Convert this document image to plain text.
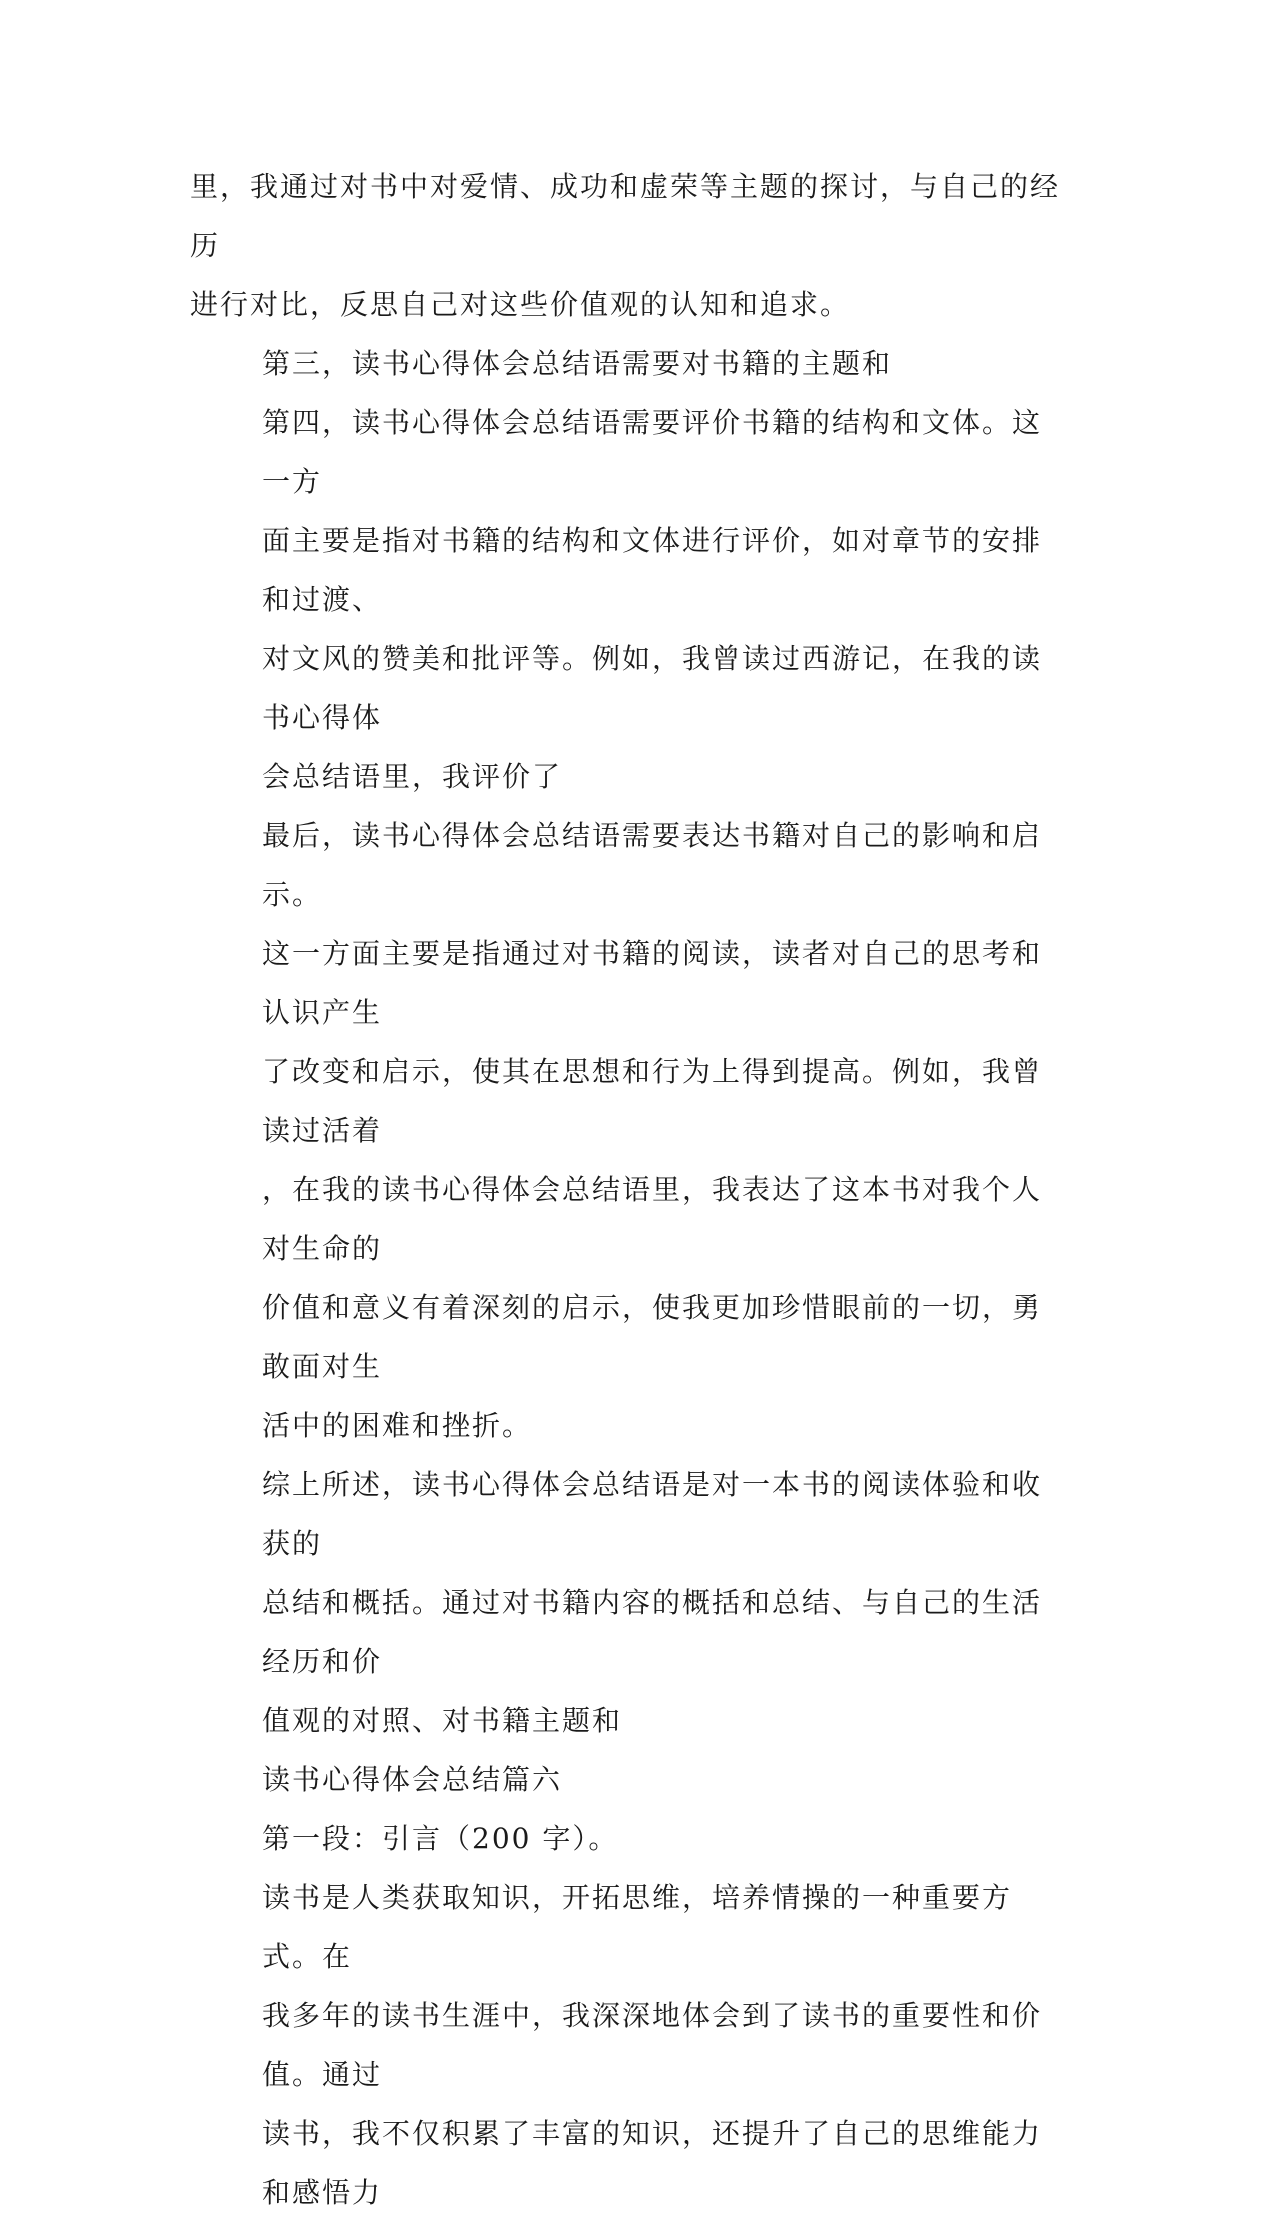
里，我通过对书中对爱情、成功和虚荣等主题的探讨，与自己的经历
进行对比，反思自己对这些价值观的认知和追求。

第三，读书心得体会总结语需要对书籍的主题和

第四，读书心得体会总结语需要评价书籍的结构和文体。这一方
面主要是指对书籍的结构和文体进行评价，如对章节的安排和过渡、
对文风的赞美和批评等。例如，我曾读过西游记，在我的读书心得体
会总结语里，我评价了

最后，读书心得体会总结语需要表达书籍对自己的影响和启示。
这一方面主要是指通过对书籍的阅读，读者对自己的思考和认识产生
了改变和启示，使其在思想和行为上得到提高。例如，我曾读过活着
，在我的读书心得体会总结语里，我表达了这本书对我个人对生命的
价值和意义有着深刻的启示，使我更加珍惜眼前的一切，勇敢面对生
活中的困难和挫折。

综上所述，读书心得体会总结语是对一本书的阅读体验和收获的
总结和概括。通过对书籍内容的概括和总结、与自己的生活经历和价
值观的对照、对书籍主题和

读书心得体会总结篇六

第一段：引言（200 字）。

读书是人类获取知识，开拓思维，培养情操的一种重要方式。在
我多年的读书生涯中，我深深地体会到了读书的重要性和价值。通过
读书，我不仅积累了丰富的知识，还提升了自己的思维能力和感悟力
